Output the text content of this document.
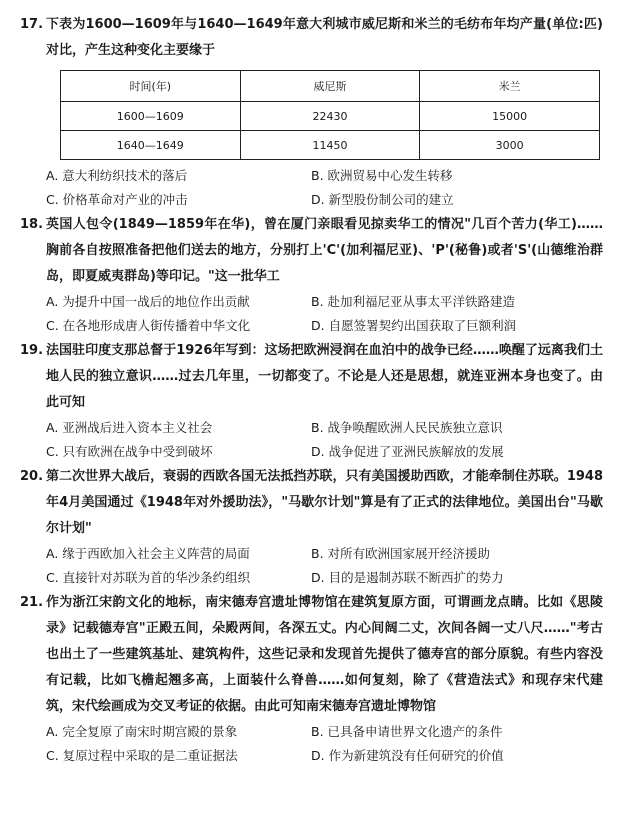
17. 下表为1600—1609年与1640—1649年意大利城市威尼斯和米兰的毛纺布年均产量(单位:匹)对比，产生这种变化主要缘于
时间(年)	威尼斯	米兰
1600—1609	22430	15000
1640—1649	11450	3000
A. 意大利纺织技术的落后	B. 欧洲贸易中心发生转移
C. 价格革命对产业的冲击	D. 新型股份制公司的建立
18. 英国人包令(1849—1859年在华)，曾在厦门亲眼看见掠卖华工的情况"几百个苦力(华工)……胸前各自按照准备把他们送去的地方，分别打上'C'(加利福尼亚)、'P'(秘鲁)或者'S'(山德维治群岛，即夏威夷群岛)等印记。"这一批华工
A. 为提升中国一战后的地位作出贡献	B. 赴加利福尼亚从事太平洋铁路建造
C. 在各地形成唐人街传播着中华文化	D. 自愿签署契约出国获取了巨额利润
19. 法国驻印度支那总督于1926年写到：这场把欧洲浸润在血泊中的战争已经……唤醒了远离我们土地人民的独立意识……过去几年里，一切都变了。不论是人还是思想，就连亚洲本身也变了。由此可知
A. 亚洲战后进入资本主义社会	B. 战争唤醒欧洲人民民族独立意识
C. 只有欧洲在战争中受到破坏	D. 战争促进了亚洲民族解放的发展
20. 第二次世界大战后，衰弱的西欧各国无法抵挡苏联，只有美国援助西欧，才能牵制住苏联。1948年4月美国通过《1948年对外援助法》，"马歇尔计划"算是有了正式的法律地位。美国出台"马歇尔计划"
A. 缘于西欧加入社会主义阵营的局面	B. 对所有欧洲国家展开经济援助
C. 直接针对苏联为首的华沙条约组织	D. 目的是遏制苏联不断西扩的势力
21. 作为浙江宋韵文化的地标，南宋德寿宫遗址博物馆在建筑复原方面，可谓画龙点睛。比如《思陵录》记载德寿宫"正殿五间，朵殿两间，各深五丈。内心间阔二丈，次间各阔一丈八尺……"考古也出土了一些建筑基址、建筑构件，这些记录和发现首先提供了德寿宫的部分原貌。有些内容没有记载，比如飞檐起翘多高，上面装什么脊兽……如何复刻，除了《营造法式》和现存宋代建筑，宋代绘画成为交叉考证的依据。由此可知南宋德寿宫遗址博物馆
A. 完全复原了南宋时期宫殿的景象	B. 已具备申请世界文化遗产的条件
C. 复原过程中采取的是二重证据法	D. 作为新建筑没有任何研究的价值
